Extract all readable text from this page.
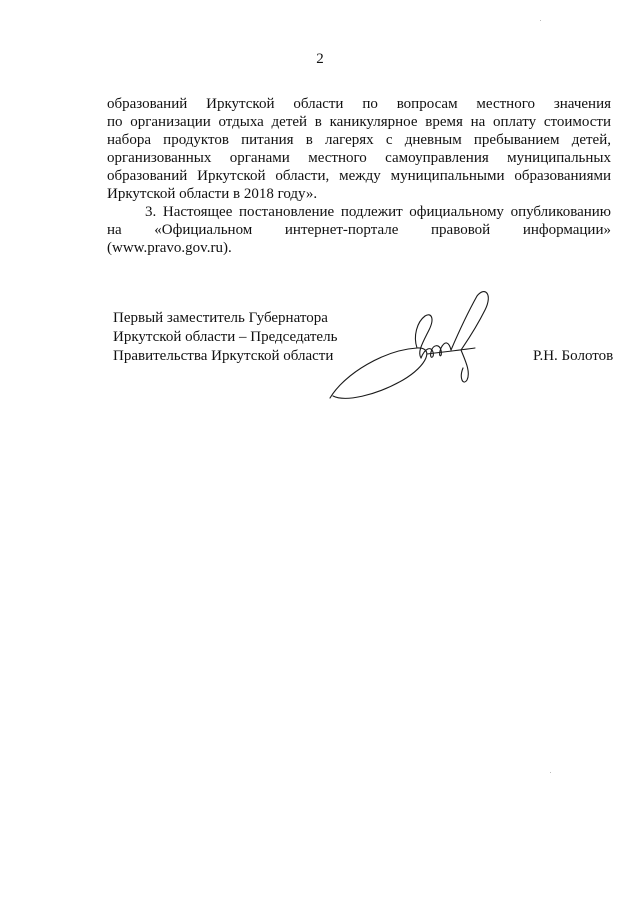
2

образований Иркутской области по вопросам местного значения

по организации отдыха детей в каникулярное время на оплату стоимости

набора продуктов питания в лагерях с дневным пребыванием детей,

организованных органами местного самоуправления муниципальных

образований Иркутской области, между муниципальными образованиями

Иркутской области в 2018 году».

3. Настоящее постановление подлежит официальному опубликованию

на «Официальном интернет-портале правовой информации»

(www.pravo.gov.ru).

Первый заместитель Губернатора
Иркутской области – Председатель
Правительства Иркутской области	Р.Н. Болотов
